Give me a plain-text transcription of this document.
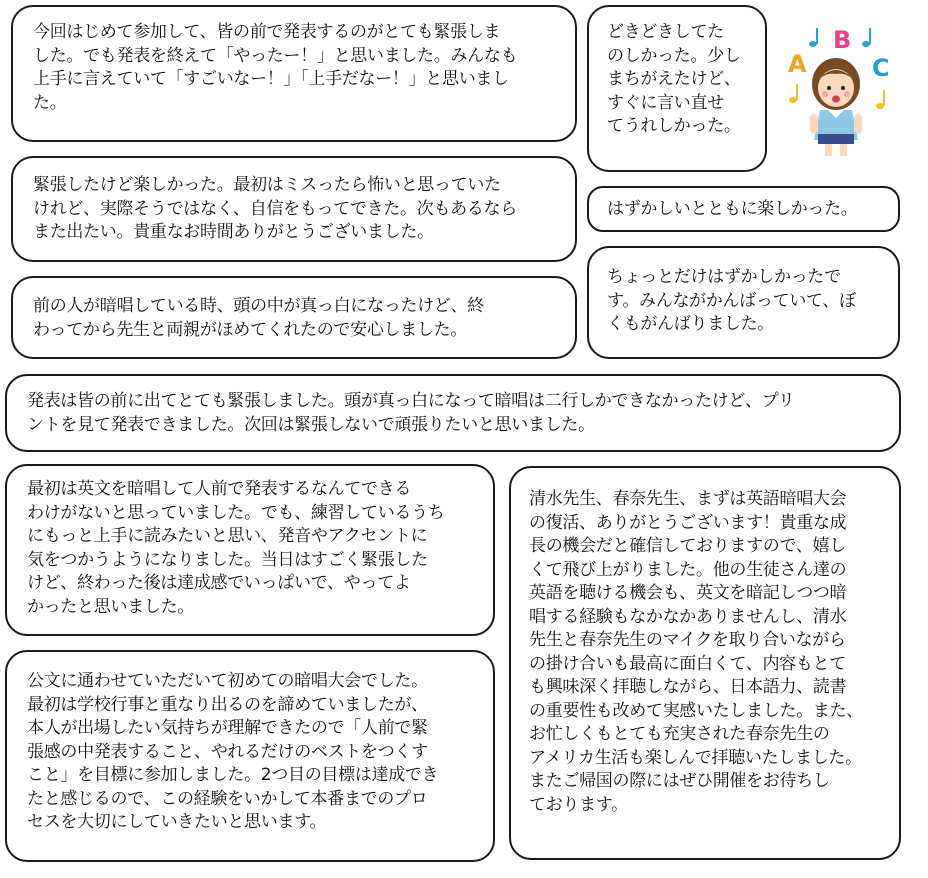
今回はじめて参加して、皆の前で発表するのがとても緊張しま
した。でも発表を終えて「やったー！」と思いました。みんなも
上手に言えていて「すごいなー！」「上手だなー！」と思いまし
た。

どきどきしてた
のしかった。少し
まちがえたけど、
すぐに言い直せ
てうれしかった。

緊張したけど楽しかった。最初はミスったら怖いと思っていた
けれど、実際そうではなく、自信をもってできた。次もあるなら
また出たい。貴重なお時間ありがとうございました。

はずかしいとともに楽しかった。

前の人が暗唱している時、頭の中が真っ白になったけど、終
わってから先生と両親がほめてくれたので安心しました。

ちょっとだけはずかしかったで
す。みんながかんばっていて、ぼ
くもがんばりました。

発表は皆の前に出てとても緊張しました。頭が真っ白になって暗唱は二行しかできなかったけど、プリ
ントを見て発表できました。次回は緊張しないで頑張りたいと思いました。

最初は英文を暗唱して人前で発表するなんてできる
わけがないと思っていました。でも、練習しているうち
にもっと上手に読みたいと思い、発音やアクセントに
気をつかうようになりました。当日はすごく緊張した
けど、終わった後は達成感でいっぱいで、やってよ
かったと思いました。

清水先生、春奈先生、まずは英語暗唱大会
の復活、ありがとうございます！貴重な成
長の機会だと確信しておりますので、嬉し
くて飛び上がりました。他の生徒さん達の
英語を聴ける機会も、英文を暗記しつつ暗
唱する経験もなかなかありませんし、清水
先生と春奈先生のマイクを取り合いながら
の掛け合いも最高に面白くて、内容もとて
も興味深く拝聴しながら、日本語力、読書
の重要性も改めて実感いたしました。また、
お忙しくもとても充実された春奈先生の
アメリカ生活も楽しんで拝聴いたしました。
またご帰国の際にはぜひ開催をお待ちし
ております。

公文に通わせていただいて初めての暗唱大会でした。
最初は学校行事と重なり出るのを諦めていましたが、
本人が出場したい気持ちが理解できたので「人前で緊
張感の中発表すること、やれるだけのベストをつくす
こと」を目標に参加しました。2つ目の目標は達成でき
たと感じるので、この経験をいかして本番までのプロ
セスを大切にしていきたいと思います。

A
B
C
